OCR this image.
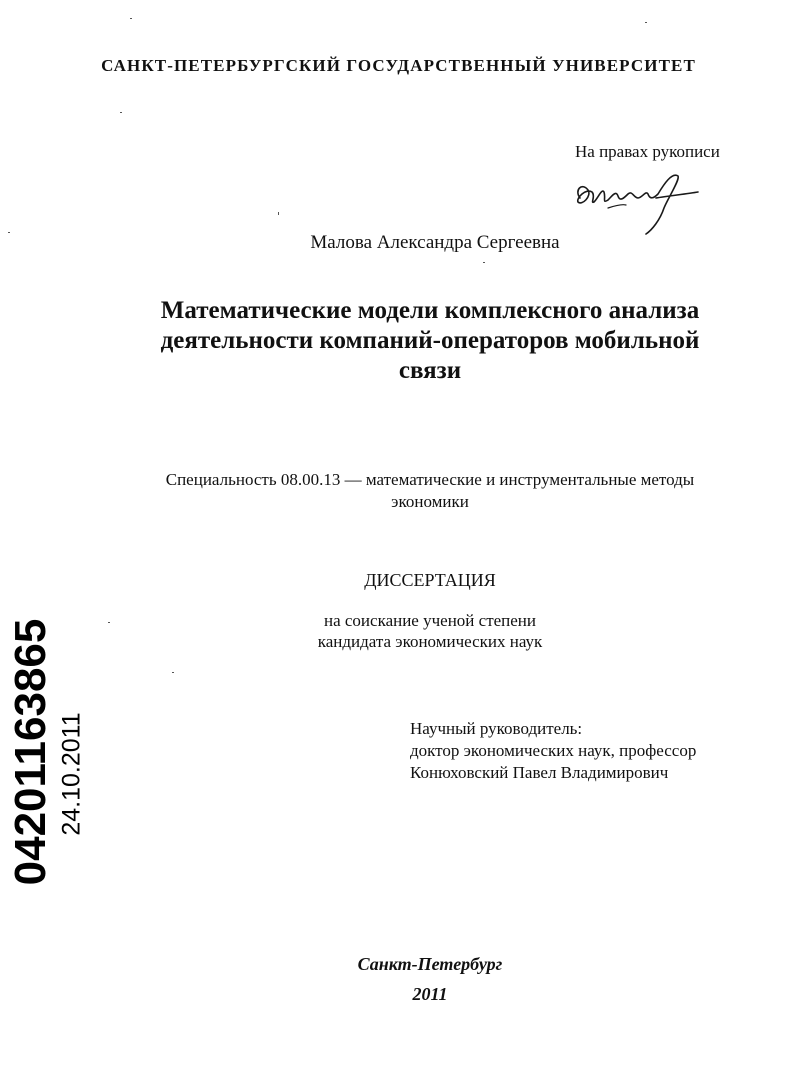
САНКТ-ПЕТЕРБУРГСКИЙ ГОСУДАРСТВЕННЫЙ УНИВЕРСИТЕТ
На правах рукописи
Малова Александра Сергеевна
Математические модели комплексного анализа
деятельности компаний-операторов мобильной
связи
Специальность 08.00.13 — математические и инструментальные методы
экономики
ДИССЕРТАЦИЯ
на соискание ученой степени
кандидата экономических наук
Научный руководитель:
доктор экономических наук, профессор
Конюховский Павел Владимирович
Санкт-Петербург
2011
04201163865 24.10.2011
